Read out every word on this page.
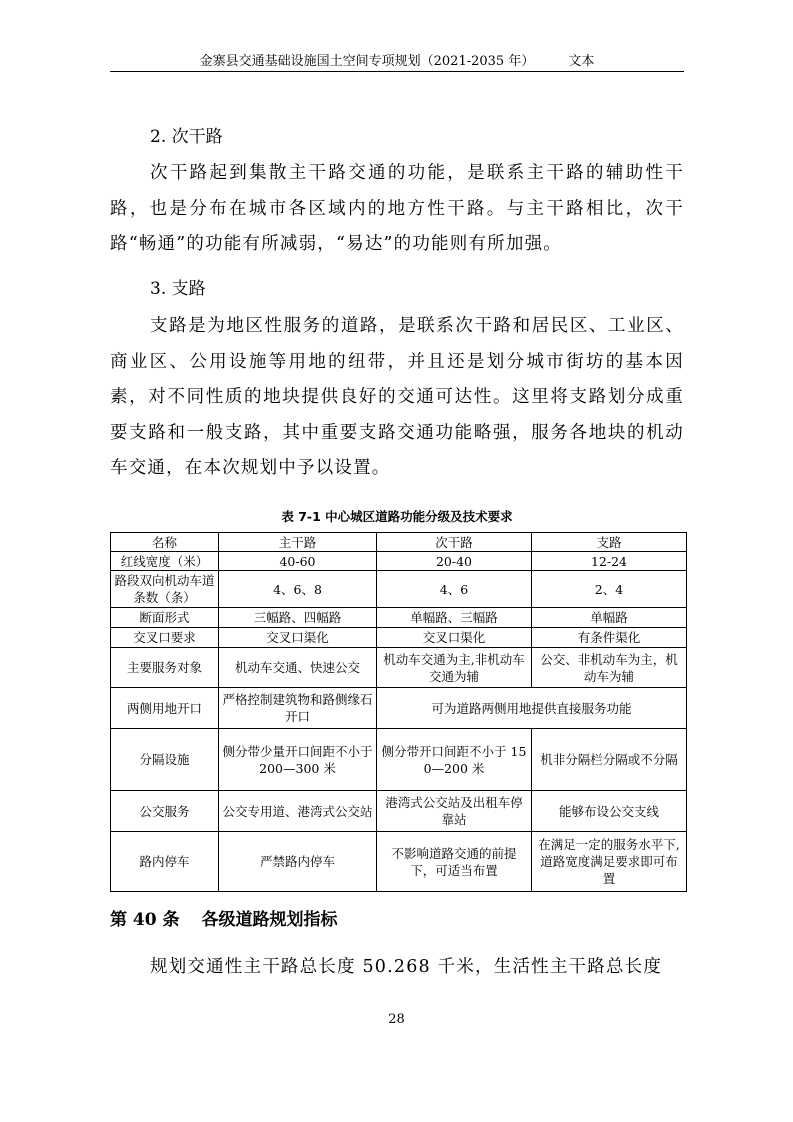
金寨县交通基础设施国土空间专项规划（2021-2035 年）	文本
2. 次干路
次干路起到集散主干路交通的功能，是联系主干路的辅助性干路，也是分布在城市各区域内的地方性干路。与主干路相比，次干路“畅通”的功能有所减弱，“易达”的功能则有所加强。
3. 支路
支路是为地区性服务的道路，是联系次干路和居民区、工业区、商业区、公用设施等用地的纽带，并且还是划分城市街坊的基本因素，对不同性质的地块提供良好的交通可达性。这里将支路划分成重要支路和一般支路，其中重要支路交通功能略强，服务各地块的机动车交通，在本次规划中予以设置。
表 7-1 中心城区道路功能分级及技术要求
名称	主干路	次干路	支路
红线宽度（米）	40-60	20-40	12-24
路段双向机动车道条数（条）	4、6、8	4、6	2、4
断面形式	三幅路、四幅路	单幅路、三幅路	单幅路
交叉口要求	交叉口渠化	交叉口渠化	有条件渠化
主要服务对象	机动车交通、快速公交	机动车交通为主,非机动车交通为辅	公交、非机动车为主，机动车为辅
两侧用地开口	严格控制建筑物和路侧缘石开口	可为道路两侧用地提供直接服务功能	
分隔设施	侧分带少量开口间距不小于 200—300 米	侧分带开口间距不小于 150—200 米	机非分隔栏分隔或不分隔
公交服务	公交专用道、港湾式公交站	港湾式公交站及出租车停靠站	能够布设公交支线
路内停车	严禁路内停车	不影响道路交通的前提下，可适当布置	在满足一定的服务水平下,道路宽度满足要求即可布置
第 40 条 各级道路规划指标
规划交通性主干路总长度 50.268 千米，生活性主干路总长度
28
